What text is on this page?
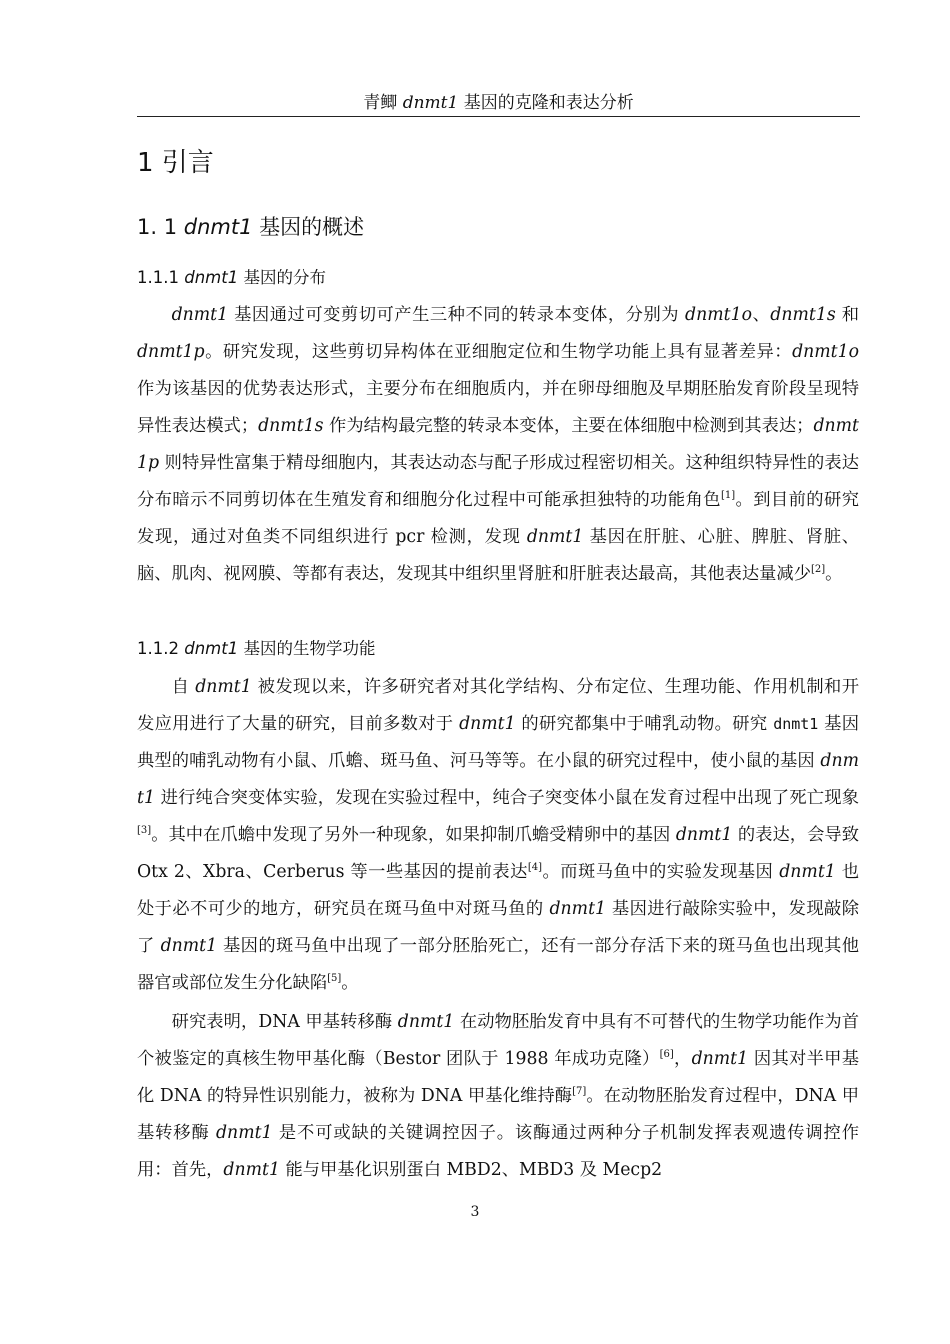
青鲫 dnmt1 基因的克隆和表达分析
1 引言
1. 1 dnmt1 基因的概述
1.1.1 dnmt1 基因的分布

dnmt1 基因通过可变剪切可产生三种不同的转录本变体，分别为 dnmt1o、dnmt1s 和 dnmt1p。研究发现，这些剪切异构体在亚细胞定位和生物学功能上具有显著差异：dnmt1o 作为该基因的优势表达形式，主要分布在细胞质内，并在卵母细胞及早期胚胎发育阶段呈现特异性表达模式；dnmt1s 作为结构最完整的转录本变体，主要在体细胞中检测到其表达；dnmt1p 则特异性富集于精母细胞内，其表达动态与配子形成过程密切相关。这种组织特异性的表达分布暗示不同剪切体在生殖发育和细胞分化过程中可能承担独特的功能角色[1]。到目前的研究发现，通过对鱼类不同组织进行 pcr 检测，发现 dnmt1 基因在肝脏、心脏、脾脏、肾脏、脑、肌肉、视网膜、等都有表达，发现其中组织里肾脏和肝脏表达最高，其他表达量减少[2]。

1.1.2 dnmt1 基因的生物学功能

自 dnmt1 被发现以来，许多研究者对其化学结构、分布定位、生理功能、作用机制和开发应用进行了大量的研究，目前多数对于 dnmt1 的研究都集中于哺乳动物。研究 dnmt1 基因典型的哺乳动物有小鼠、爪蟾、斑马鱼、河马等等。在小鼠的研究过程中，使小鼠的基因 dnmt1 进行纯合突变体实验，发现在实验过程中，纯合子突变体小鼠在发育过程中出现了死亡现象[3]。其中在爪蟾中发现了另外一种现象，如果抑制爪蟾受精卵中的基因 dnmt1 的表达，会导致 Otx 2、Xbra、Cerberus 等一些基因的提前表达[4]。而斑马鱼中的实验发现基因 dnmt1 也处于必不可少的地方，研究员在斑马鱼中对斑马鱼的 dnmt1 基因进行敲除实验中，发现敲除了 dnmt1 基因的斑马鱼中出现了一部分胚胎死亡，还有一部分存活下来的斑马鱼也出现其他器官或部位发生分化缺陷[5]。

研究表明，DNA 甲基转移酶 dnmt1 在动物胚胎发育中具有不可替代的生物学功能作为首个被鉴定的真核生物甲基化酶（Bestor 团队于 1988 年成功克隆）[6]，dnmt1 因其对半甲基化 DNA 的特异性识别能力，被称为 DNA 甲基化维持酶[7]。在动物胚胎发育过程中，DNA 甲基转移酶 dnmt1 是不可或缺的关键调控因子。该酶通过两种分子机制发挥表观遗传调控作用：首先，dnmt1 能与甲基化识别蛋白 MBD2、MBD3 及 Mecp2

3
